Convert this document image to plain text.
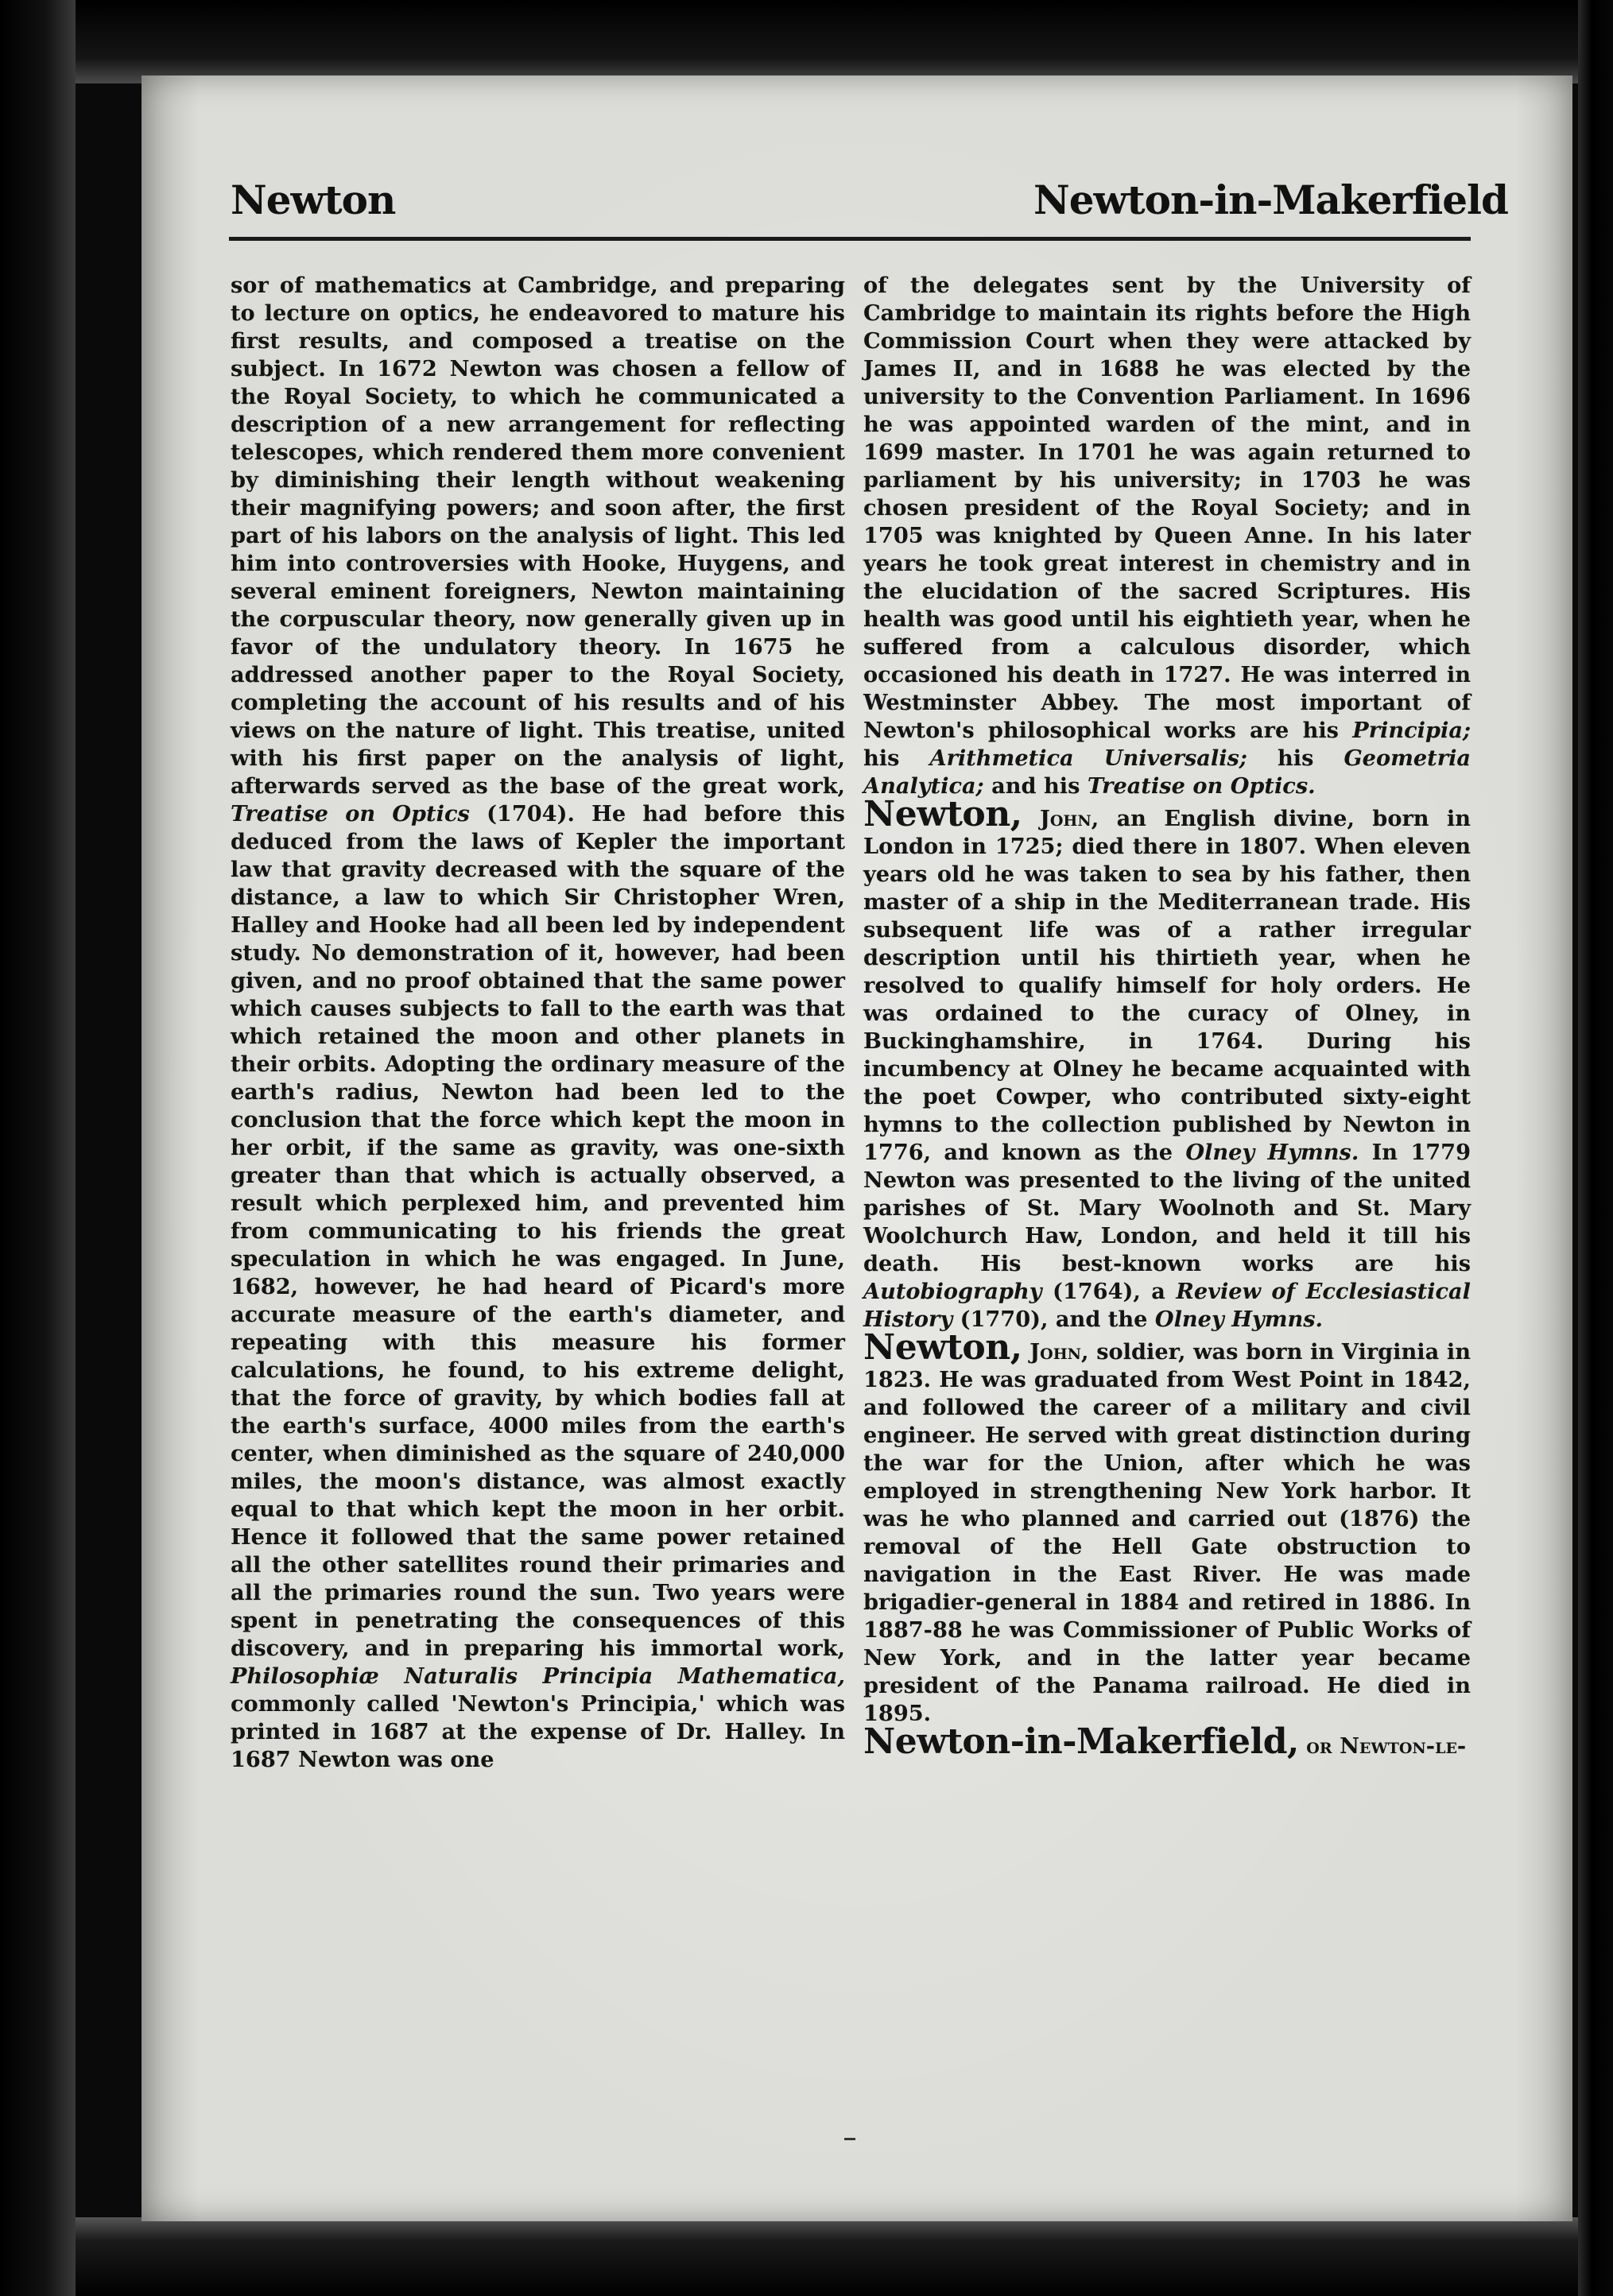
Newton	Newton-in-Makerfield

sor of mathematics at Cambridge, and preparing to lecture on optics, he endeavored to mature his first results, and composed a treatise on the subject. In 1672 Newton was chosen a fellow of the Royal Society, to which he communicated a description of a new arrangement for reflecting telescopes, which rendered them more convenient by diminishing their length without weakening their magnifying powers; and soon after, the first part of his labors on the analysis of light. This led him into controversies with Hooke, Huygens, and several eminent foreigners, Newton maintaining the corpuscular theory, now generally given up in favor of the undulatory theory. In 1675 he addressed another paper to the Royal Society, completing the account of his results and of his views on the nature of light. This treatise, united with his first paper on the analysis of light, afterwards served as the base of the great work, Treatise on Optics (1704). He had before this deduced from the laws of Kepler the important law that gravity decreased with the square of the distance, a law to which Sir Christopher Wren, Halley and Hooke had all been led by independent study. No demonstration of it, however, had been given, and no proof obtained that the same power which causes subjects to fall to the earth was that which retained the moon and other planets in their orbits. Adopting the ordinary measure of the earth's radius, Newton had been led to the conclusion that the force which kept the moon in her orbit, if the same as gravity, was one-sixth greater than that which is actually observed, a result which perplexed him, and prevented him from communicating to his friends the great speculation in which he was engaged. In June, 1682, however, he had heard of Picard's more accurate measure of the earth's diameter, and repeating with this measure his former calculations, he found, to his extreme delight, that the force of gravity, by which bodies fall at the earth's surface, 4000 miles from the earth's center, when diminished as the square of 240,000 miles, the moon's distance, was almost exactly equal to that which kept the moon in her orbit. Hence it followed that the same power retained all the other satellites round their primaries and all the primaries round the sun. Two years were spent in penetrating the consequences of this discovery, and in preparing his immortal work, Philosophiæ Naturalis Principia Mathematica, commonly called 'Newton's Principia,' which was printed in 1687 at the expense of Dr. Halley. In 1687 Newton was one

of the delegates sent by the University of Cambridge to maintain its rights before the High Commission Court when they were attacked by James II, and in 1688 he was elected by the university to the Convention Parliament. In 1696 he was appointed warden of the mint, and in 1699 master. In 1701 he was again returned to parliament by his university; in 1703 he was chosen president of the Royal Society; and in 1705 was knighted by Queen Anne. In his later years he took great interest in chemistry and in the elucidation of the sacred Scriptures. His health was good until his eightieth year, when he suffered from a calculous disorder, which occasioned his death in 1727. He was interred in Westminster Abbey. The most important of Newton's philosophical works are his Principia; his Arithmetica Universalis; his Geometria Analytica; and his Treatise on Optics.

Newton, John, an English divine, born in London in 1725; died there in 1807. When eleven years old he was taken to sea by his father, then master of a ship in the Mediterranean trade. His subsequent life was of a rather irregular description until his thirtieth year, when he resolved to qualify himself for holy orders. He was ordained to the curacy of Olney, in Buckinghamshire, in 1764. During his incumbency at Olney he became acquainted with the poet Cowper, who contributed sixty-eight hymns to the collection published by Newton in 1776, and known as the Olney Hymns. In 1779 Newton was presented to the living of the united parishes of St. Mary Woolnoth and St. Mary Woolchurch Haw, London, and held it till his death. His best-known works are his Autobiography (1764), a Review of Ecclesiastical History (1770), and the Olney Hymns.

Newton, John, soldier, was born in Virginia in 1823. He was graduated from West Point in 1842, and followed the career of a military and civil engineer. He served with great distinction during the war for the Union, after which he was employed in strengthening New York harbor. It was he who planned and carried out (1876) the removal of the Hell Gate obstruction to navigation in the East River. He was made brigadier-general in 1884 and retired in 1886. In 1887-88 he was Commissioner of Public Works of New York, and in the latter year became president of the Panama railroad. He died in 1895.

Newton-in-Makerfield, or Newton-le-
